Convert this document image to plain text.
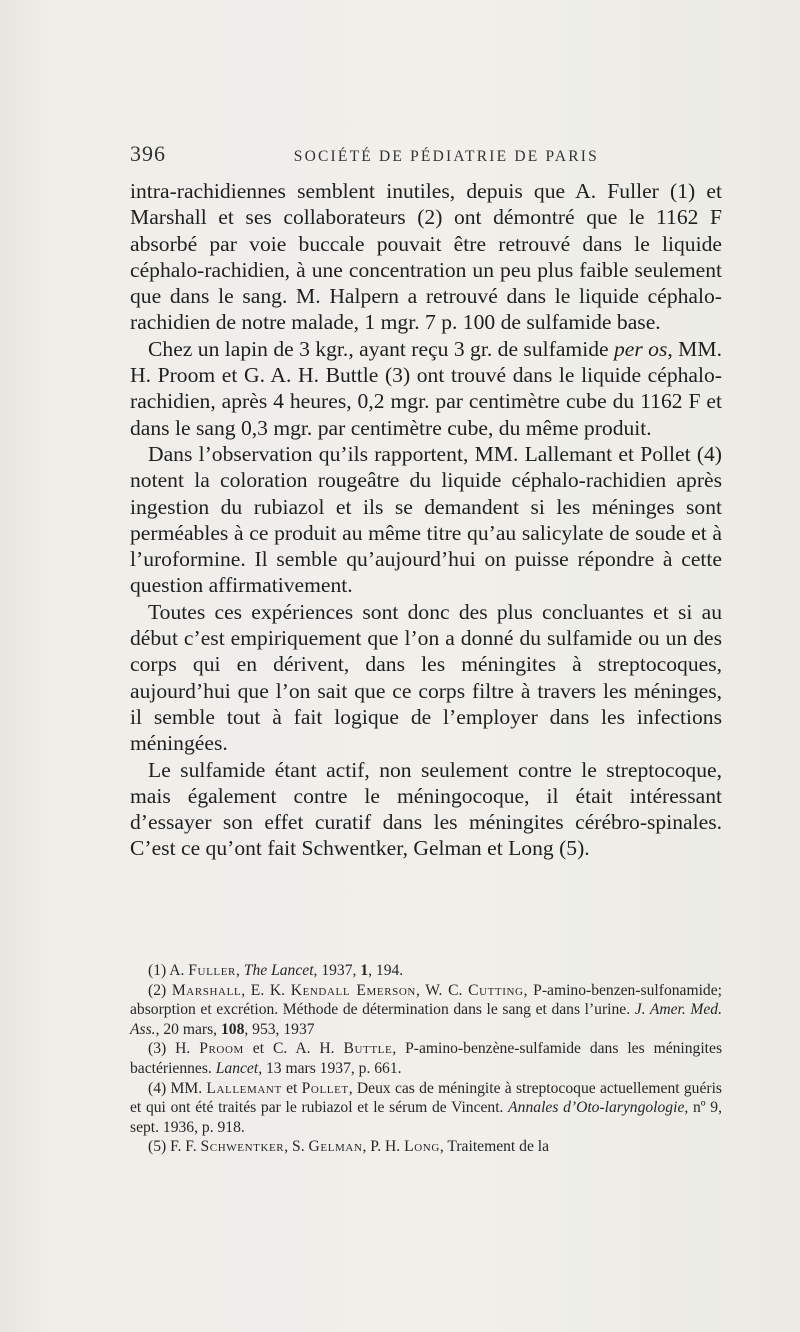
396	SOCIÉTÉ DE PÉDIATRIE DE PARIS

intra-rachidiennes semblent inutiles, depuis que A. Fuller (1) et Marshall et ses collaborateurs (2) ont démontré que le 1162 F absorbé par voie buccale pouvait être retrouvé dans le liquide céphalo-rachidien, à une concentration un peu plus faible seulement que dans le sang. M. Halpern a retrouvé dans le liquide céphalo-rachidien de notre malade, 1 mgr. 7 p. 100 de sulfamide base.

Chez un lapin de 3 kgr., ayant reçu 3 gr. de sulfamide per os, MM. H. Proom et G. A. H. Buttle (3) ont trouvé dans le liquide céphalo-rachidien, après 4 heures, 0,2 mgr. par centimètre cube du 1162 F et dans le sang 0,3 mgr. par centimètre cube, du même produit.

Dans l’observation qu’ils rapportent, MM. Lallemant et Pollet (4) notent la coloration rougeâtre du liquide céphalo-rachidien après ingestion du rubiazol et ils se demandent si les méninges sont perméables à ce produit au même titre qu’au salicylate de soude et à l’uroformine. Il semble qu’aujourd’hui on puisse répondre à cette question affirmativement.

Toutes ces expériences sont donc des plus concluantes et si au début c’est empiriquement que l’on a donné du sulfamide ou un des corps qui en dérivent, dans les méningites à streptocoques, aujourd’hui que l’on sait que ce corps filtre à travers les méninges, il semble tout à fait logique de l’employer dans les infections méningées.

Le sulfamide étant actif, non seulement contre le streptocoque, mais également contre le méningocoque, il était intéressant d’essayer son effet curatif dans les méningites cérébro-spinales. C’est ce qu’ont fait Schwentker, Gelman et Long (5).

(1) A. Fuller, The Lancet, 1937, 1, 194.

(2) Marshall, E. K. Kendall Emerson, W. C. Cutting, P-amino-benzen-sulfonamide; absorption et excrétion. Méthode de détermination dans le sang et dans l’urine. J. Amer. Med. Ass., 20 mars, 108, 953, 1937

(3) H. Proom et C. A. H. Buttle, P-amino-benzène-sulfamide dans les méningites bactériennes. Lancet, 13 mars 1937, p. 661.

(4) MM. Lallemant et Pollet, Deux cas de méningite à streptocoque actuellement guéris et qui ont été traités par le rubiazol et le sérum de Vincent. Annales d’Oto-laryngologie, nº 9, sept. 1936, p. 918.

(5) F. F. Schwentker, S. Gelman, P. H. Long, Traitement de la
